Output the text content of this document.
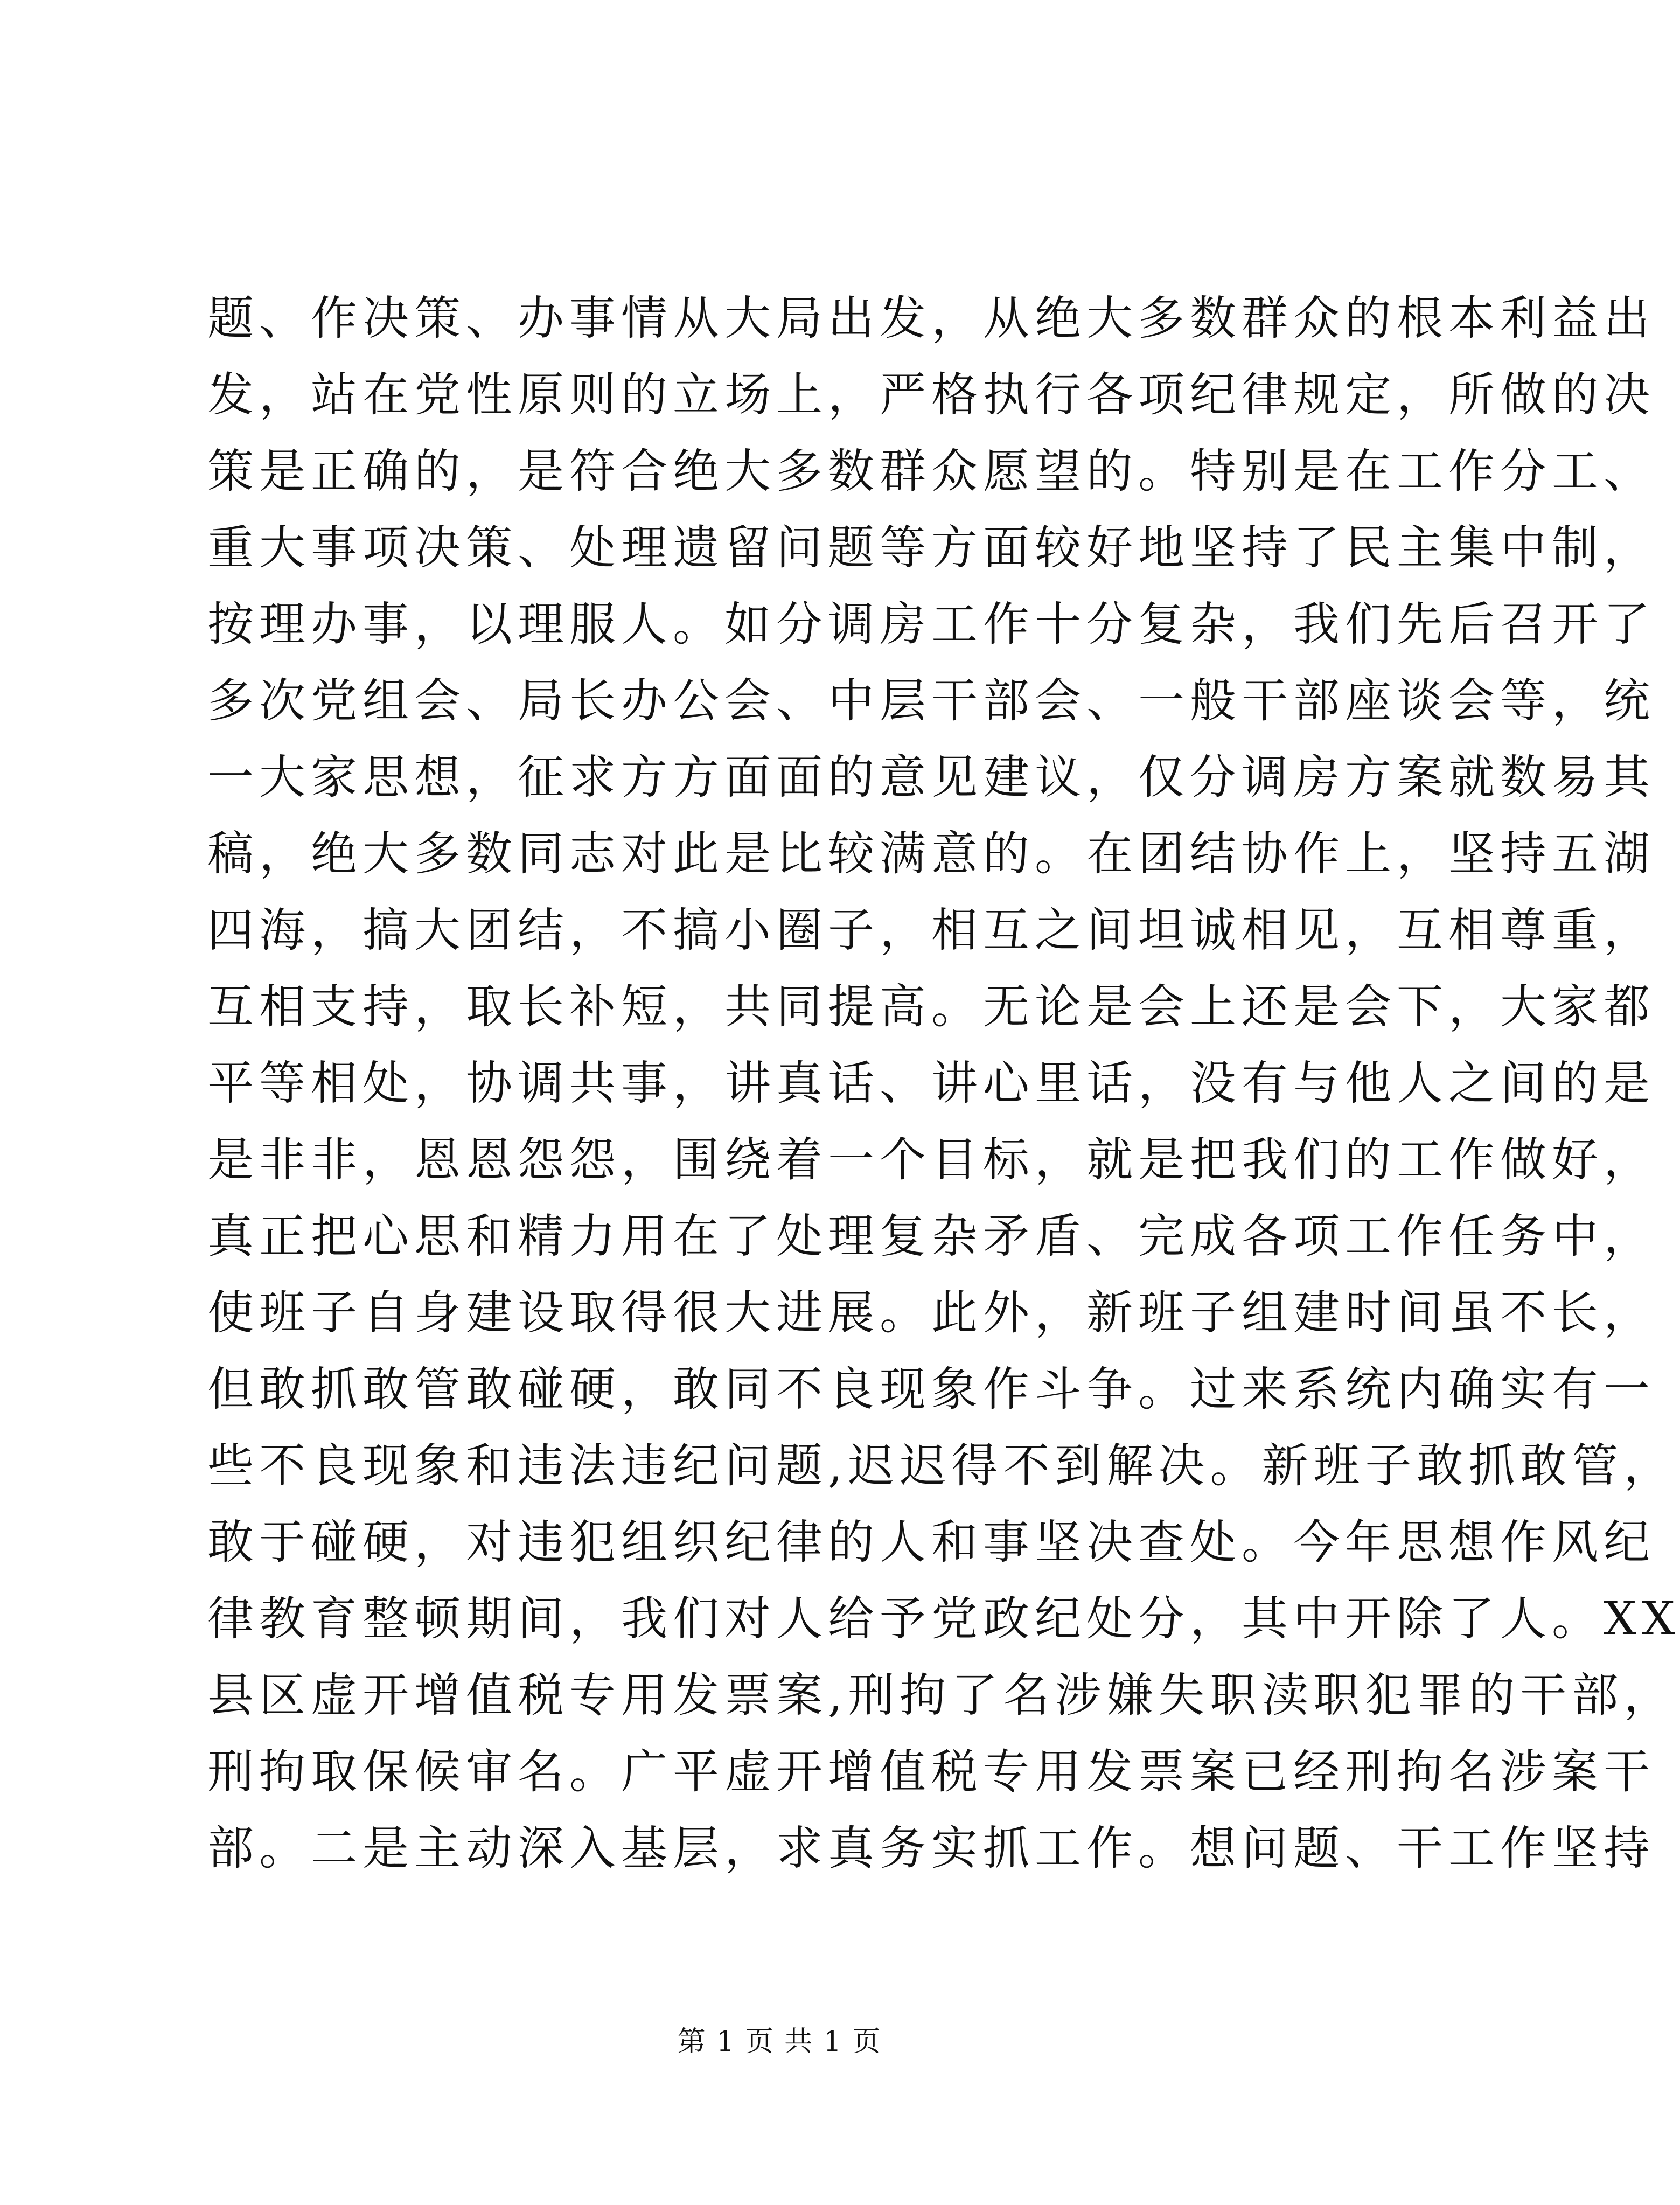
题、作决策、办事情从大局出发，从绝大多数群众的根本利益出
发，站在党性原则的立场上，严格执行各项纪律规定，所做的决
策是正确的，是符合绝大多数群众愿望的。特别是在工作分工、
重大事项决策、处理遗留问题等方面较好地坚持了民主集中制，
按理办事，以理服人。如分调房工作十分复杂，我们先后召开了
多次党组会、局长办公会、中层干部会、一般干部座谈会等，统
一大家思想，征求方方面面的意见建议，仅分调房方案就数易其
稿，绝大多数同志对此是比较满意的。在团结协作上，坚持五湖
四海，搞大团结，不搞小圈子，相互之间坦诚相见，互相尊重，
互相支持，取长补短，共同提高。无论是会上还是会下，大家都
平等相处，协调共事，讲真话、讲心里话，没有与他人之间的是
是非非，恩恩怨怨，围绕着一个目标，就是把我们的工作做好，
真正把心思和精力用在了处理复杂矛盾、完成各项工作任务中，
使班子自身建设取得很大进展。此外，新班子组建时间虽不长，
但敢抓敢管敢碰硬，敢同不良现象作斗争。过来系统内确实有一
些不良现象和违法违纪问题,迟迟得不到解决。新班子敢抓敢管，
敢于碰硬，对违犯组织纪律的人和事坚决查处。今年思想作风纪
律教育整顿期间，我们对人给予党政纪处分，其中开除了人。XX
县区虚开增值税专用发票案,刑拘了名涉嫌失职渎职犯罪的干部，
刑拘取保候审名。广平虚开增值税专用发票案已经刑拘名涉案干
部。二是主动深入基层，求真务实抓工作。想问题、干工作坚持
第 1 页 共 1 页
